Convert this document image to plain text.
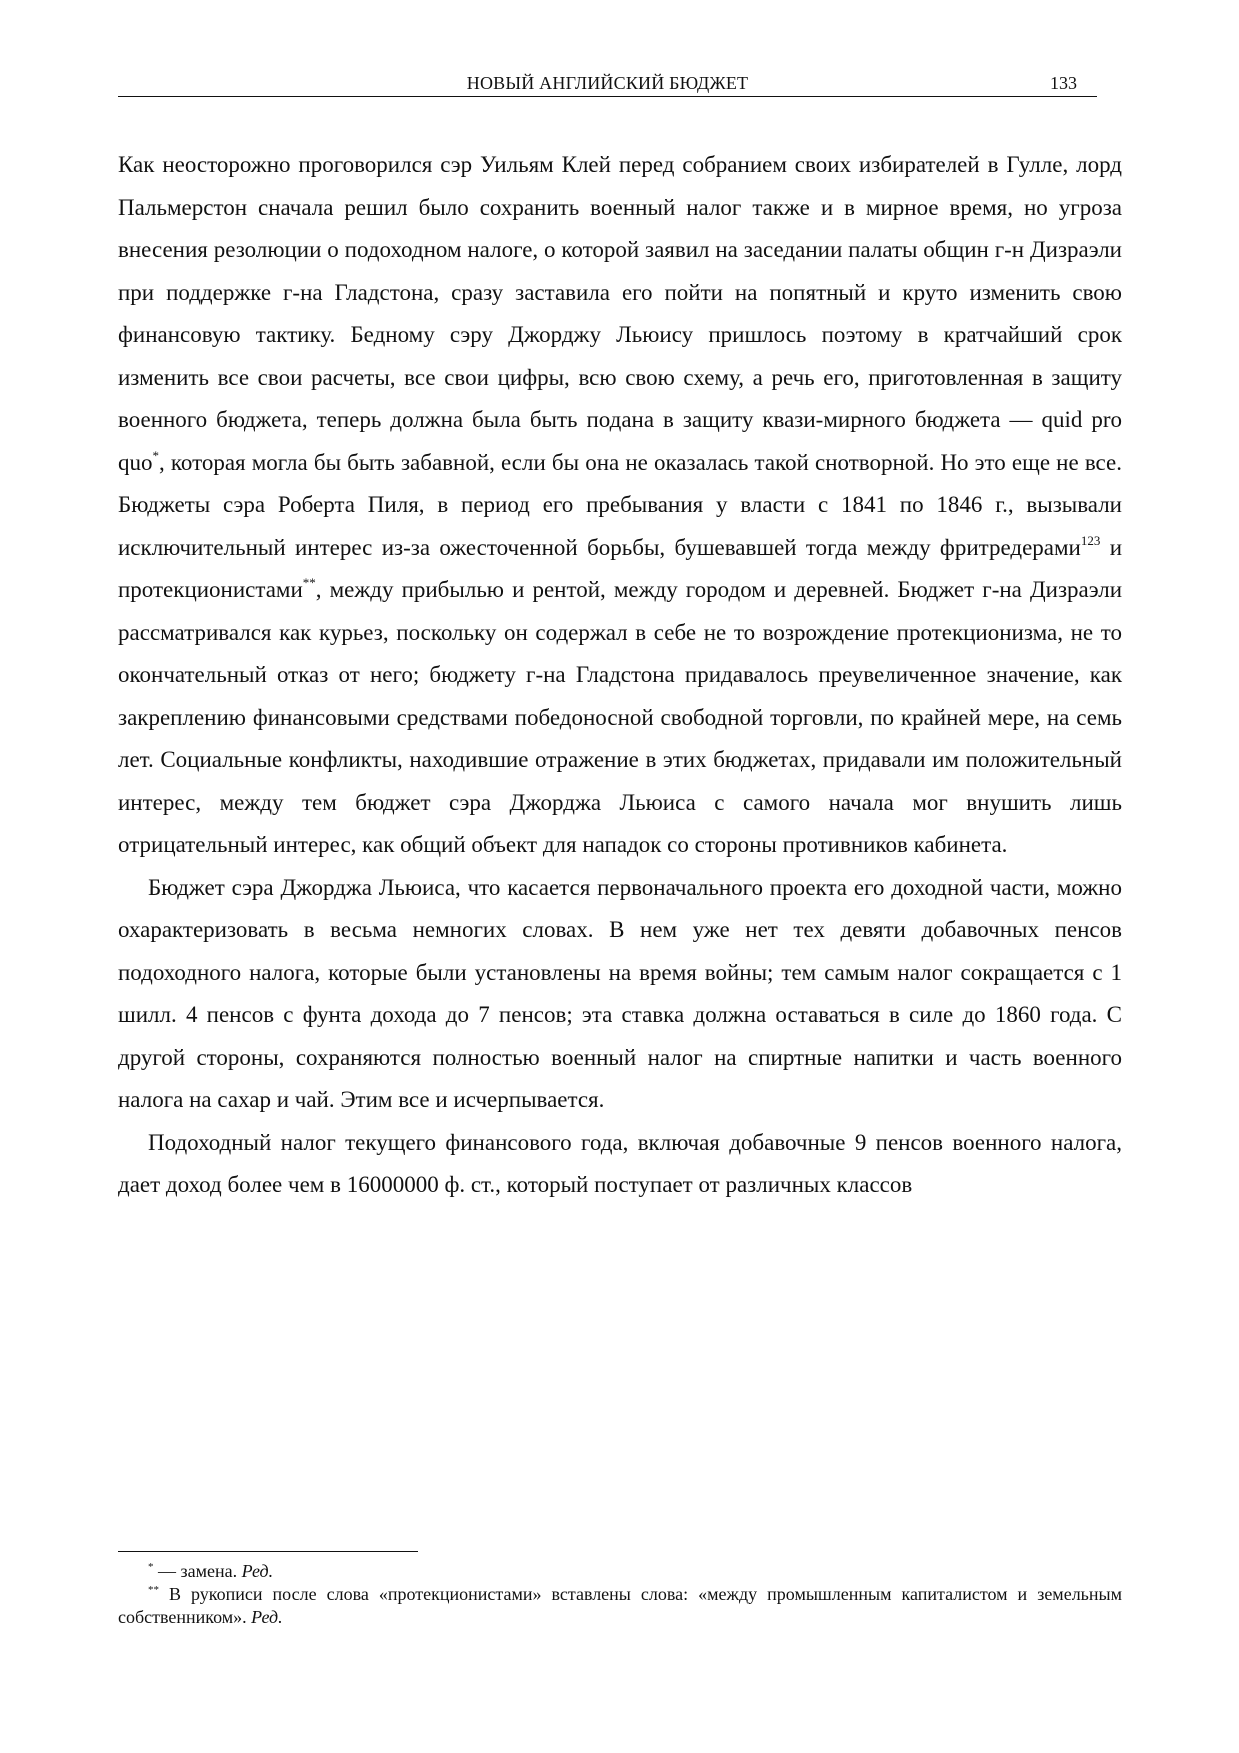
НОВЫЙ АНГЛИЙСКИЙ БЮДЖЕТ	133

Как неосторожно проговорился сэр Уильям Клей перед собранием своих избирателей в Гулле, лорд Пальмерстон сначала решил было сохранить военный налог также и в мирное время, но угроза внесения резолюции о подоходном налоге, о которой заявил на заседании палаты общин г-н Дизраэли при поддержке г-на Гладстона, сразу заставила его пойти на попятный и круто изменить свою финансовую тактику. Бедному сэру Джорджу Льюису пришлось поэтому в кратчайший срок изменить все свои расчеты, все свои цифры, всю свою схему, а речь его, приготовленная в защиту военного бюджета, теперь должна была быть подана в защиту квази-мирного бюджета — quid pro quo*, которая могла бы быть забавной, если бы она не оказалась такой снотворной. Но это еще не все. Бюджеты сэра Роберта Пиля, в период его пребывания у власти с 1841 по 1846 г., вызывали исключительный интерес из-за ожесточенной борьбы, бушевавшей тогда между фритредерами$^{123}$ и протекционистами**, между прибылью и рентой, между городом и деревней. Бюджет г-на Дизраэли рассматривался как курьез, поскольку он содержал в себе не то возрождение протекционизма, не то окончательный отказ от него; бюджету г-на Гладстона придавалось преувеличенное значение, как закреплению финансовыми средствами победоносной свободной торговли, по крайней мере, на семь лет. Социальные конфликты, находившие отражение в этих бюджетах, придавали им положительный интерес, между тем бюджет сэра Джорджа Льюиса с самого начала мог внушить лишь отрицательный интерес, как общий объект для нападок со стороны противников кабинета.

Бюджет сэра Джорджа Льюиса, что касается первоначального проекта его доходной части, можно охарактеризовать в весьма немногих словах. В нем уже нет тех девяти добавочных пенсов подоходного налога, которые были установлены на время войны; тем самым налог сокращается с 1 шилл. 4 пенсов с фунта дохода до 7 пенсов; эта ставка должна оставаться в силе до 1860 года. С другой стороны, сохраняются полностью военный налог на спиртные напитки и часть военного налога на сахар и чай. Этим все и исчерпывается.

Подоходный налог текущего финансового года, включая добавочные 9 пенсов военного налога, дает доход более чем в 16000000 ф. ст., который поступает от различных классов

* — замена. Ред.

** В рукописи после слова «протекционистами» вставлены слова: «между промышленным капиталистом и земельным собственником». Ред.
